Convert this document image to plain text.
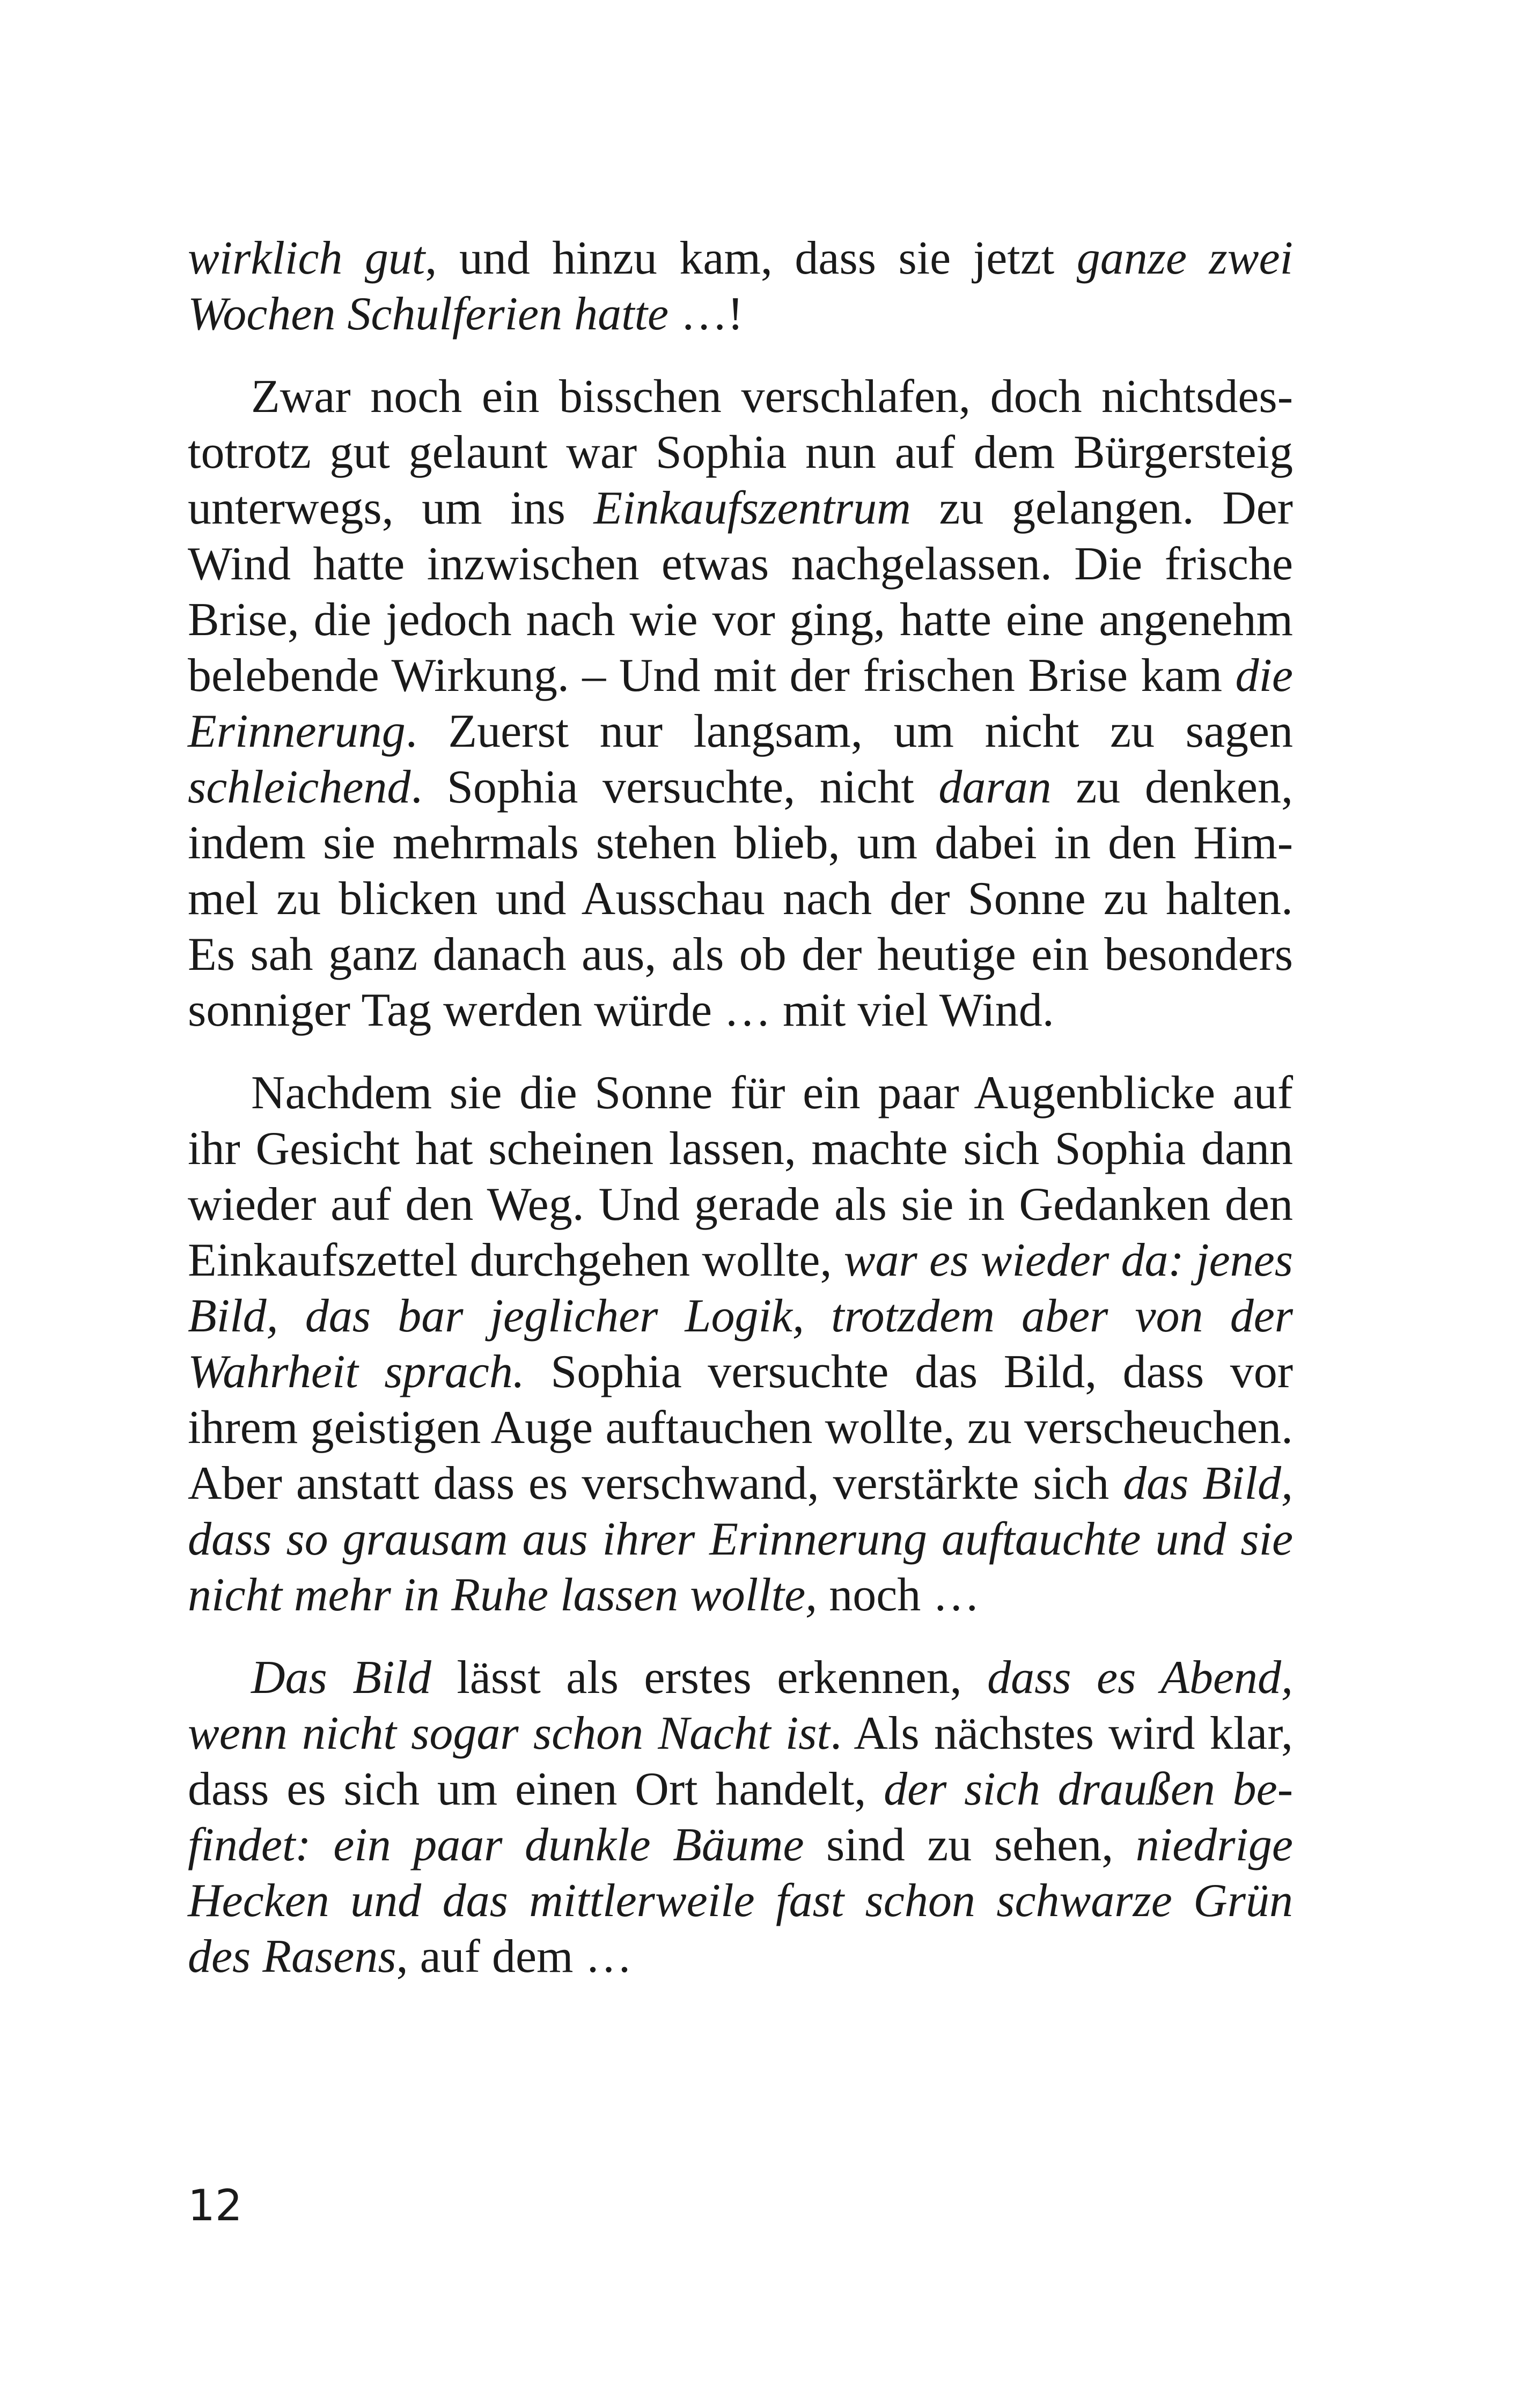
wirklich gut, und hinzu kam, dass sie jetzt ganze zwei Wochen Schulferien hatte …!

Zwar noch ein bisschen verschlafen, doch nichtsdestotrotz gut gelaunt war Sophia nun auf dem Bürgersteig unterwegs, um ins Einkaufszentrum zu gelangen. Der Wind hatte inzwischen etwas nachgelassen. Die frische Brise, die jedoch nach wie vor ging, hatte eine angenehm belebende Wirkung. – Und mit der frischen Brise kam die Erinnerung. Zuerst nur langsam, um nicht zu sagen schleichend. Sophia versuchte, nicht daran zu denken, indem sie mehrmals stehen blieb, um dabei in den Himmel zu blicken und Ausschau nach der Sonne zu halten. Es sah ganz danach aus, als ob der heutige ein besonders sonniger Tag werden würde … mit viel Wind.

Nachdem sie die Sonne für ein paar Augenblicke auf ihr Gesicht hat scheinen lassen, machte sich Sophia dann wieder auf den Weg. Und gerade als sie in Gedanken den Einkaufszettel durchgehen wollte, war es wieder da: jenes Bild, das bar jeglicher Logik, trotzdem aber von der Wahrheit sprach. Sophia versuchte das Bild, dass vor ihrem geistigen Auge auftauchen wollte, zu verscheuchen. Aber anstatt dass es verschwand, verstärkte sich das Bild, dass so grausam aus ihrer Erinnerung auftauchte und sie nicht mehr in Ruhe lassen wollte, noch …

Das Bild lässt als erstes erkennen, dass es Abend, wenn nicht sogar schon Nacht ist. Als nächstes wird klar, dass es sich um einen Ort handelt, der sich draußen befindet: ein paar dunkle Bäume sind zu sehen, niedrige Hecken und das mittlerweile fast schon schwarze Grün des Rasens, auf dem …

12
